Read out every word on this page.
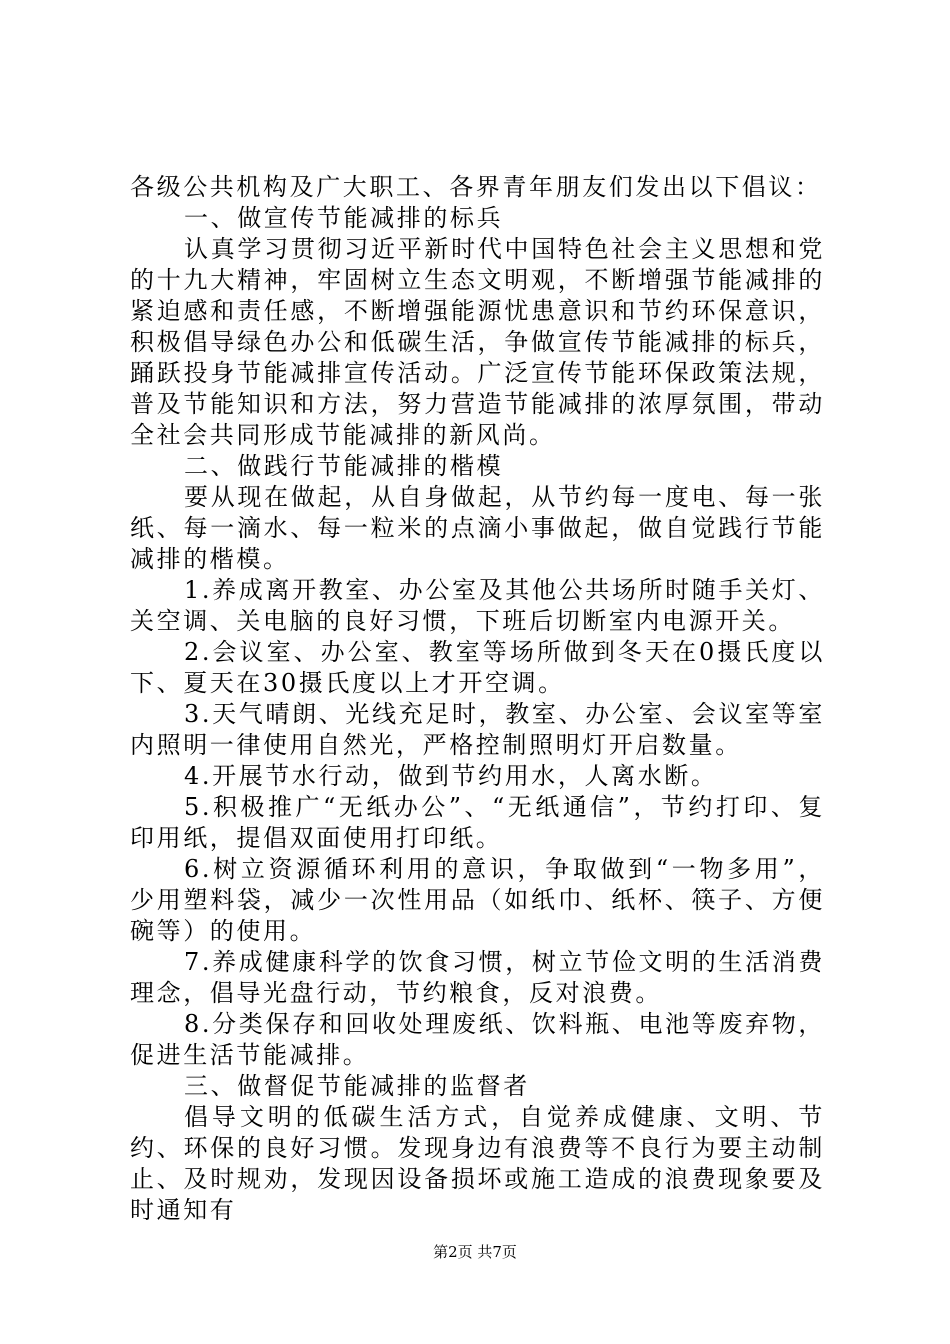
各级公共机构及广大职工、各界青年朋友们发出以下倡议：

一、做宣传节能减排的标兵

认真学习贯彻习近平新时代中国特色社会主义思想和党的十九大精神，牢固树立生态文明观，不断增强节能减排的紧迫感和责任感，不断增强能源忧患意识和节约环保意识，积极倡导绿色办公和低碳生活，争做宣传节能减排的标兵，踊跃投身节能减排宣传活动。广泛宣传节能环保政策法规，普及节能知识和方法，努力营造节能减排的浓厚氛围，带动全社会共同形成节能减排的新风尚。

二、做践行节能减排的楷模

要从现在做起，从自身做起，从节约每一度电、每一张纸、每一滴水、每一粒米的点滴小事做起，做自觉践行节能减排的楷模。

1.养成离开教室、办公室及其他公共场所时随手关灯、关空调、关电脑的良好习惯，下班后切断室内电源开关。

2.会议室、办公室、教室等场所做到冬天在0摄氏度以下、夏天在30摄氏度以上才开空调。

3.天气晴朗、光线充足时，教室、办公室、会议室等室内照明一律使用自然光，严格控制照明灯开启数量。

4.开展节水行动，做到节约用水，人离水断。

5.积极推广“无纸办公”、“无纸通信”，节约打印、复印用纸，提倡双面使用打印纸。

6.树立资源循环利用的意识，争取做到“一物多用”，少用塑料袋，减少一次性用品（如纸巾、纸杯、筷子、方便碗等）的使用。

7.养成健康科学的饮食习惯，树立节俭文明的生活消费理念，倡导光盘行动，节约粮食，反对浪费。

8.分类保存和回收处理废纸、饮料瓶、电池等废弃物，促进生活节能减排。

三、做督促节能减排的监督者

倡导文明的低碳生活方式，自觉养成健康、文明、节约、环保的良好习惯。发现身边有浪费等不良行为要主动制止、及时规劝，发现因设备损坏或施工造成的浪费现象要及时通知有

第2页 共7页
